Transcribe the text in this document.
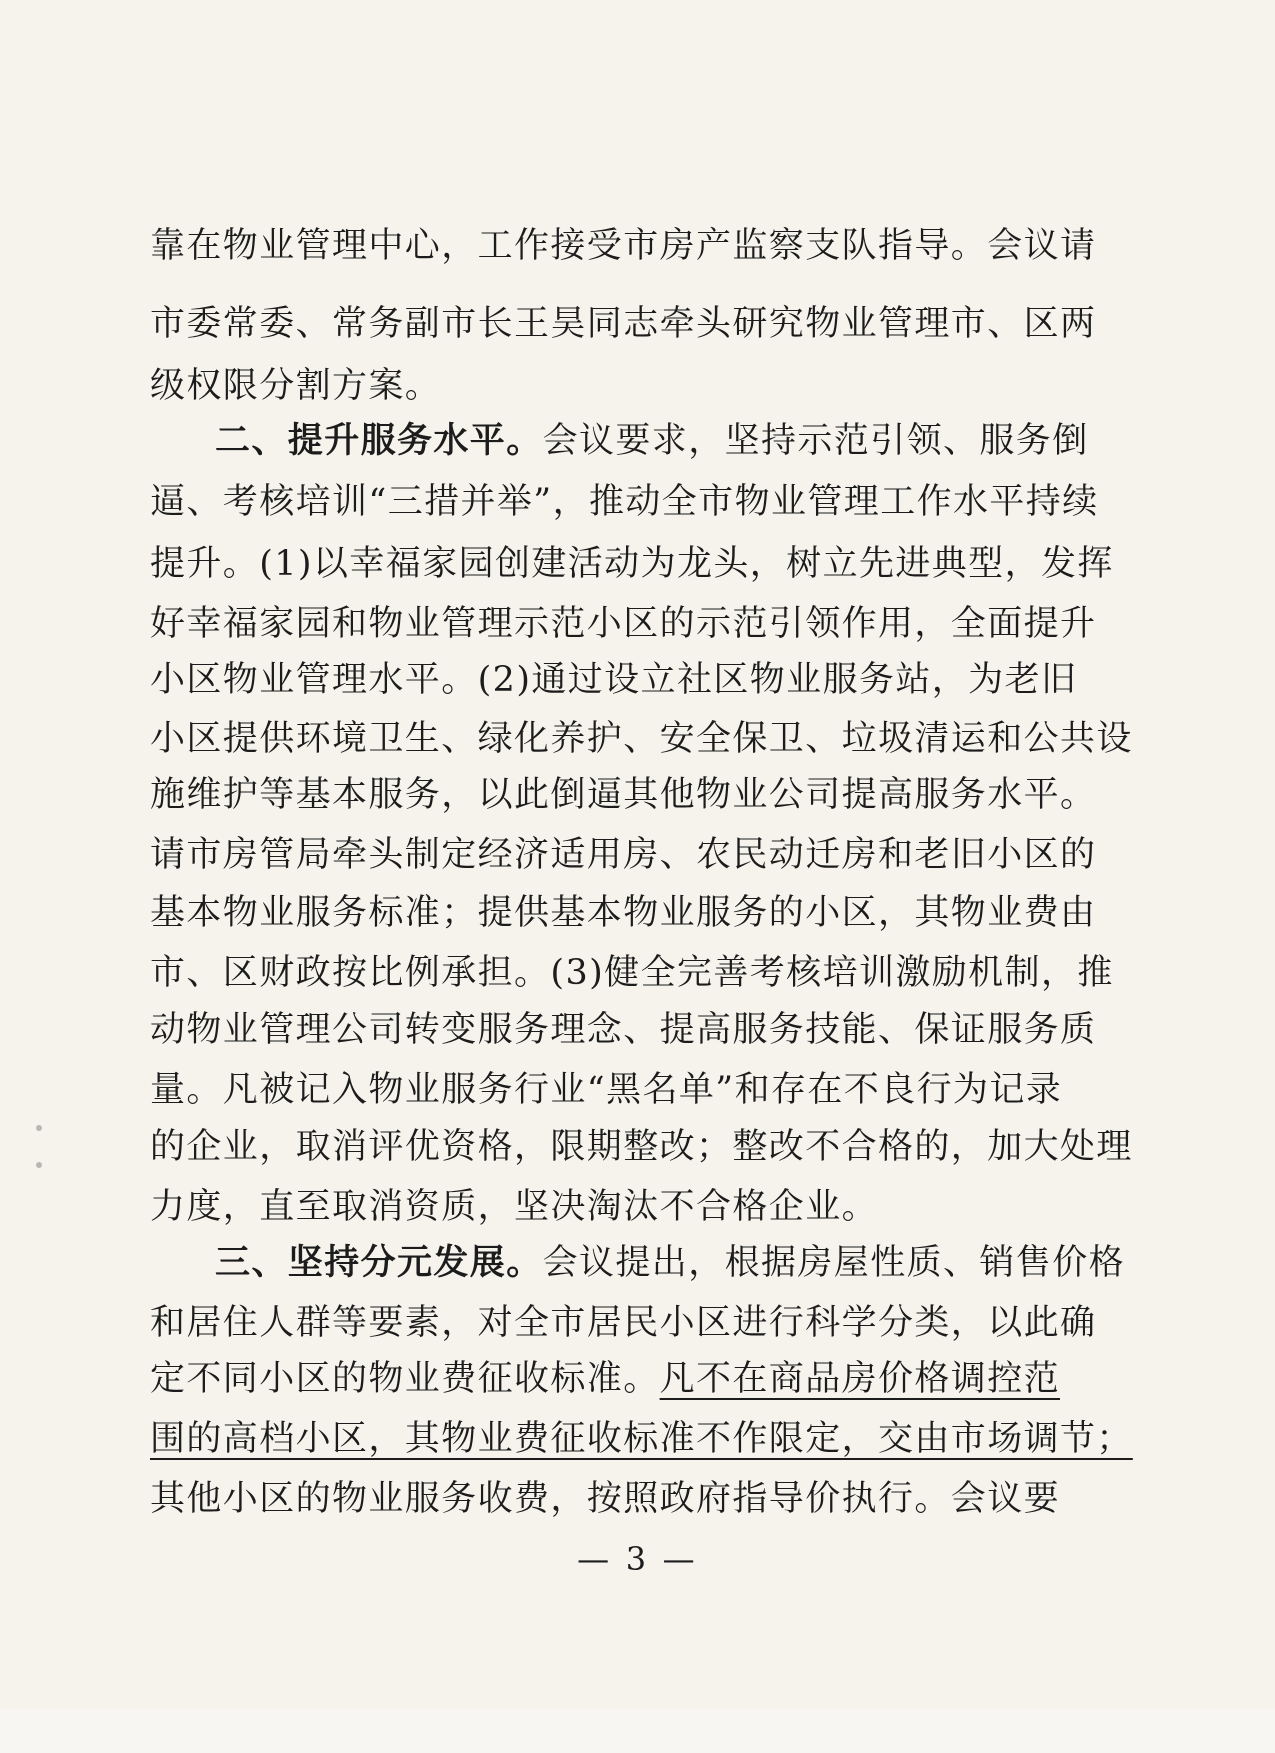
靠在物业管理中心，工作接受市房产监察支队指导。会议请
市委常委、常务副市长王昊同志牵头研究物业管理市、区两
级权限分割方案。
逼、考核培训“三措并举”，推动全市物业管理工作水平持续
提升。(1)以幸福家园创建活动为龙头，树立先进典型，发挥
好幸福家园和物业管理示范小区的示范引领作用，全面提升
小区物业管理水平。(2)通过设立社区物业服务站，为老旧
小区提供环境卫生、绿化养护、安全保卫、垃圾清运和公共设
施维护等基本服务，以此倒逼其他物业公司提高服务水平。
请市房管局牵头制定经济适用房、农民动迁房和老旧小区的
基本物业服务标准；提供基本物业服务的小区，其物业费由
市、区财政按比例承担。(3)健全完善考核培训激励机制，推
动物业管理公司转变服务理念、提高服务技能、保证服务质
量。凡被记入物业服务行业“黑名单”和存在不良行为记录
的企业，取消评优资格，限期整改；整改不合格的，加大处理
力度，直至取消资质，坚决淘汰不合格企业。
和居住人群等要素，对全市居民小区进行科学分类，以此确
二、提升服务水平。会议要求，坚持示范引领、服务倒
三、坚持分元发展。会议提出，根据房屋性质、销售价格
定不同小区的物业费征收标准。凡不在商品房价格调控范
围的高档小区，其物业费征收标准不作限定，交由市场调节；
其他小区的物业服务收费，按照政府指导价执行。会议要
— 3 —
